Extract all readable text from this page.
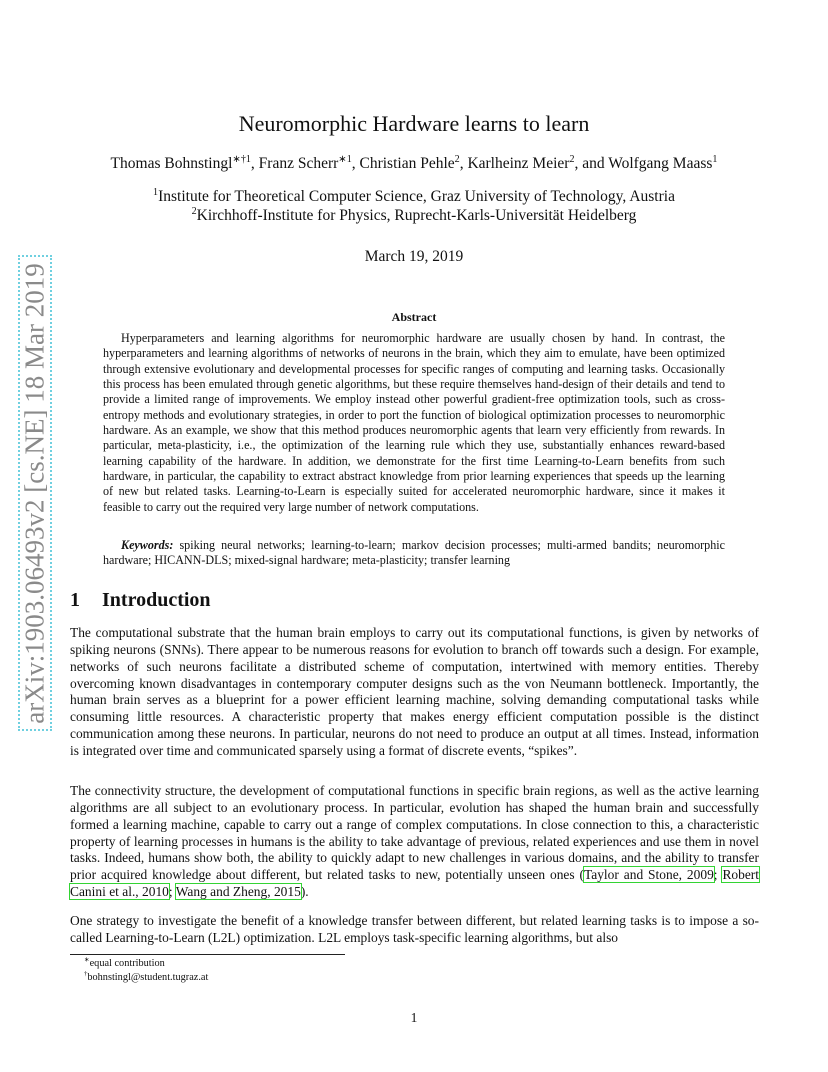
arXiv:1903.06493v2 [cs.NE] 18 Mar 2019
Neuromorphic Hardware learns to learn
Thomas Bohnstingl$^{∗\dagger 1}$, Franz Scherr$^{∗1}$, Christian Pehle$^2$, Karlheinz Meier$^2$, and Wolfgang Maass$^1$
$^1$Institute for Theoretical Computer Science, Graz University of Technology, Austria
$^2$Kirchhoff-Institute for Physics, Ruprecht-Karls-Universität Heidelberg
March 19, 2019
Abstract

Hyperparameters and learning algorithms for neuromorphic hardware are usually chosen by hand. In contrast, the hyperparameters and learning algorithms of networks of neurons in the brain, which they aim to emulate, have been optimized through extensive evolutionary and developmental processes for specific ranges of computing and learning tasks. Occasionally this process has been emulated through genetic algorithms, but these require themselves hand-design of their details and tend to provide a limited range of improvements. We employ instead other powerful gradient-free optimization tools, such as cross-entropy methods and evolutionary strategies, in order to port the function of biological optimization processes to neuromorphic hardware. As an example, we show that this method produces neuromorphic agents that learn very efficiently from rewards. In particular, meta-plasticity, i.e., the optimization of the learning rule which they use, substantially enhances reward-based learning capability of the hardware. In addition, we demonstrate for the first time Learning-to-Learn benefits from such hardware, in particular, the capability to extract abstract knowledge from prior learning experiences that speeds up the learning of new but related tasks. Learning-to-Learn is especially suited for accelerated neuromorphic hardware, since it makes it feasible to carry out the required very large number of network computations.

Keywords: spiking neural networks; learning-to-learn; markov decision processes; multi-armed bandits; neuromorphic hardware; HICANN-DLS; mixed-signal hardware; meta-plasticity; transfer learning

1 Introduction

The computational substrate that the human brain employs to carry out its computational functions, is given by networks of spiking neurons (SNNs). There appear to be numerous reasons for evolution to branch off towards such a design. For example, networks of such neurons facilitate a distributed scheme of computation, intertwined with memory entities. Thereby overcoming known disadvantages in contemporary computer designs such as the von Neumann bottleneck. Importantly, the human brain serves as a blueprint for a power efficient learning machine, solving demanding computational tasks while consuming little resources. A characteristic property that makes energy efficient computation possible is the distinct communication among these neurons. In particular, neurons do not need to produce an output at all times. Instead, information is integrated over time and communicated sparsely using a format of discrete events, “spikes”.

The connectivity structure, the development of computational functions in specific brain regions, as well as the active learning algorithms are all subject to an evolutionary process. In particular, evolution has shaped the human brain and successfully formed a learning machine, capable to carry out a range of complex computations. In close connection to this, a characteristic property of learning processes in humans is the ability to take advantage of previous, related experiences and use them in novel tasks. Indeed, humans show both, the ability to quickly adapt to new challenges in various domains, and the ability to transfer prior acquired knowledge about different, but related tasks to new, potentially unseen ones (Taylor and Stone, 2009; Robert Canini et al., 2010; Wang and Zheng, 2015).

One strategy to investigate the benefit of a knowledge transfer between different, but related learning tasks is to impose a so-called Learning-to-Learn (L2L) optimization. L2L employs task-specific learning algorithms, but also

∗equal contribution
†bohnstingl@student.tugraz.at
1
